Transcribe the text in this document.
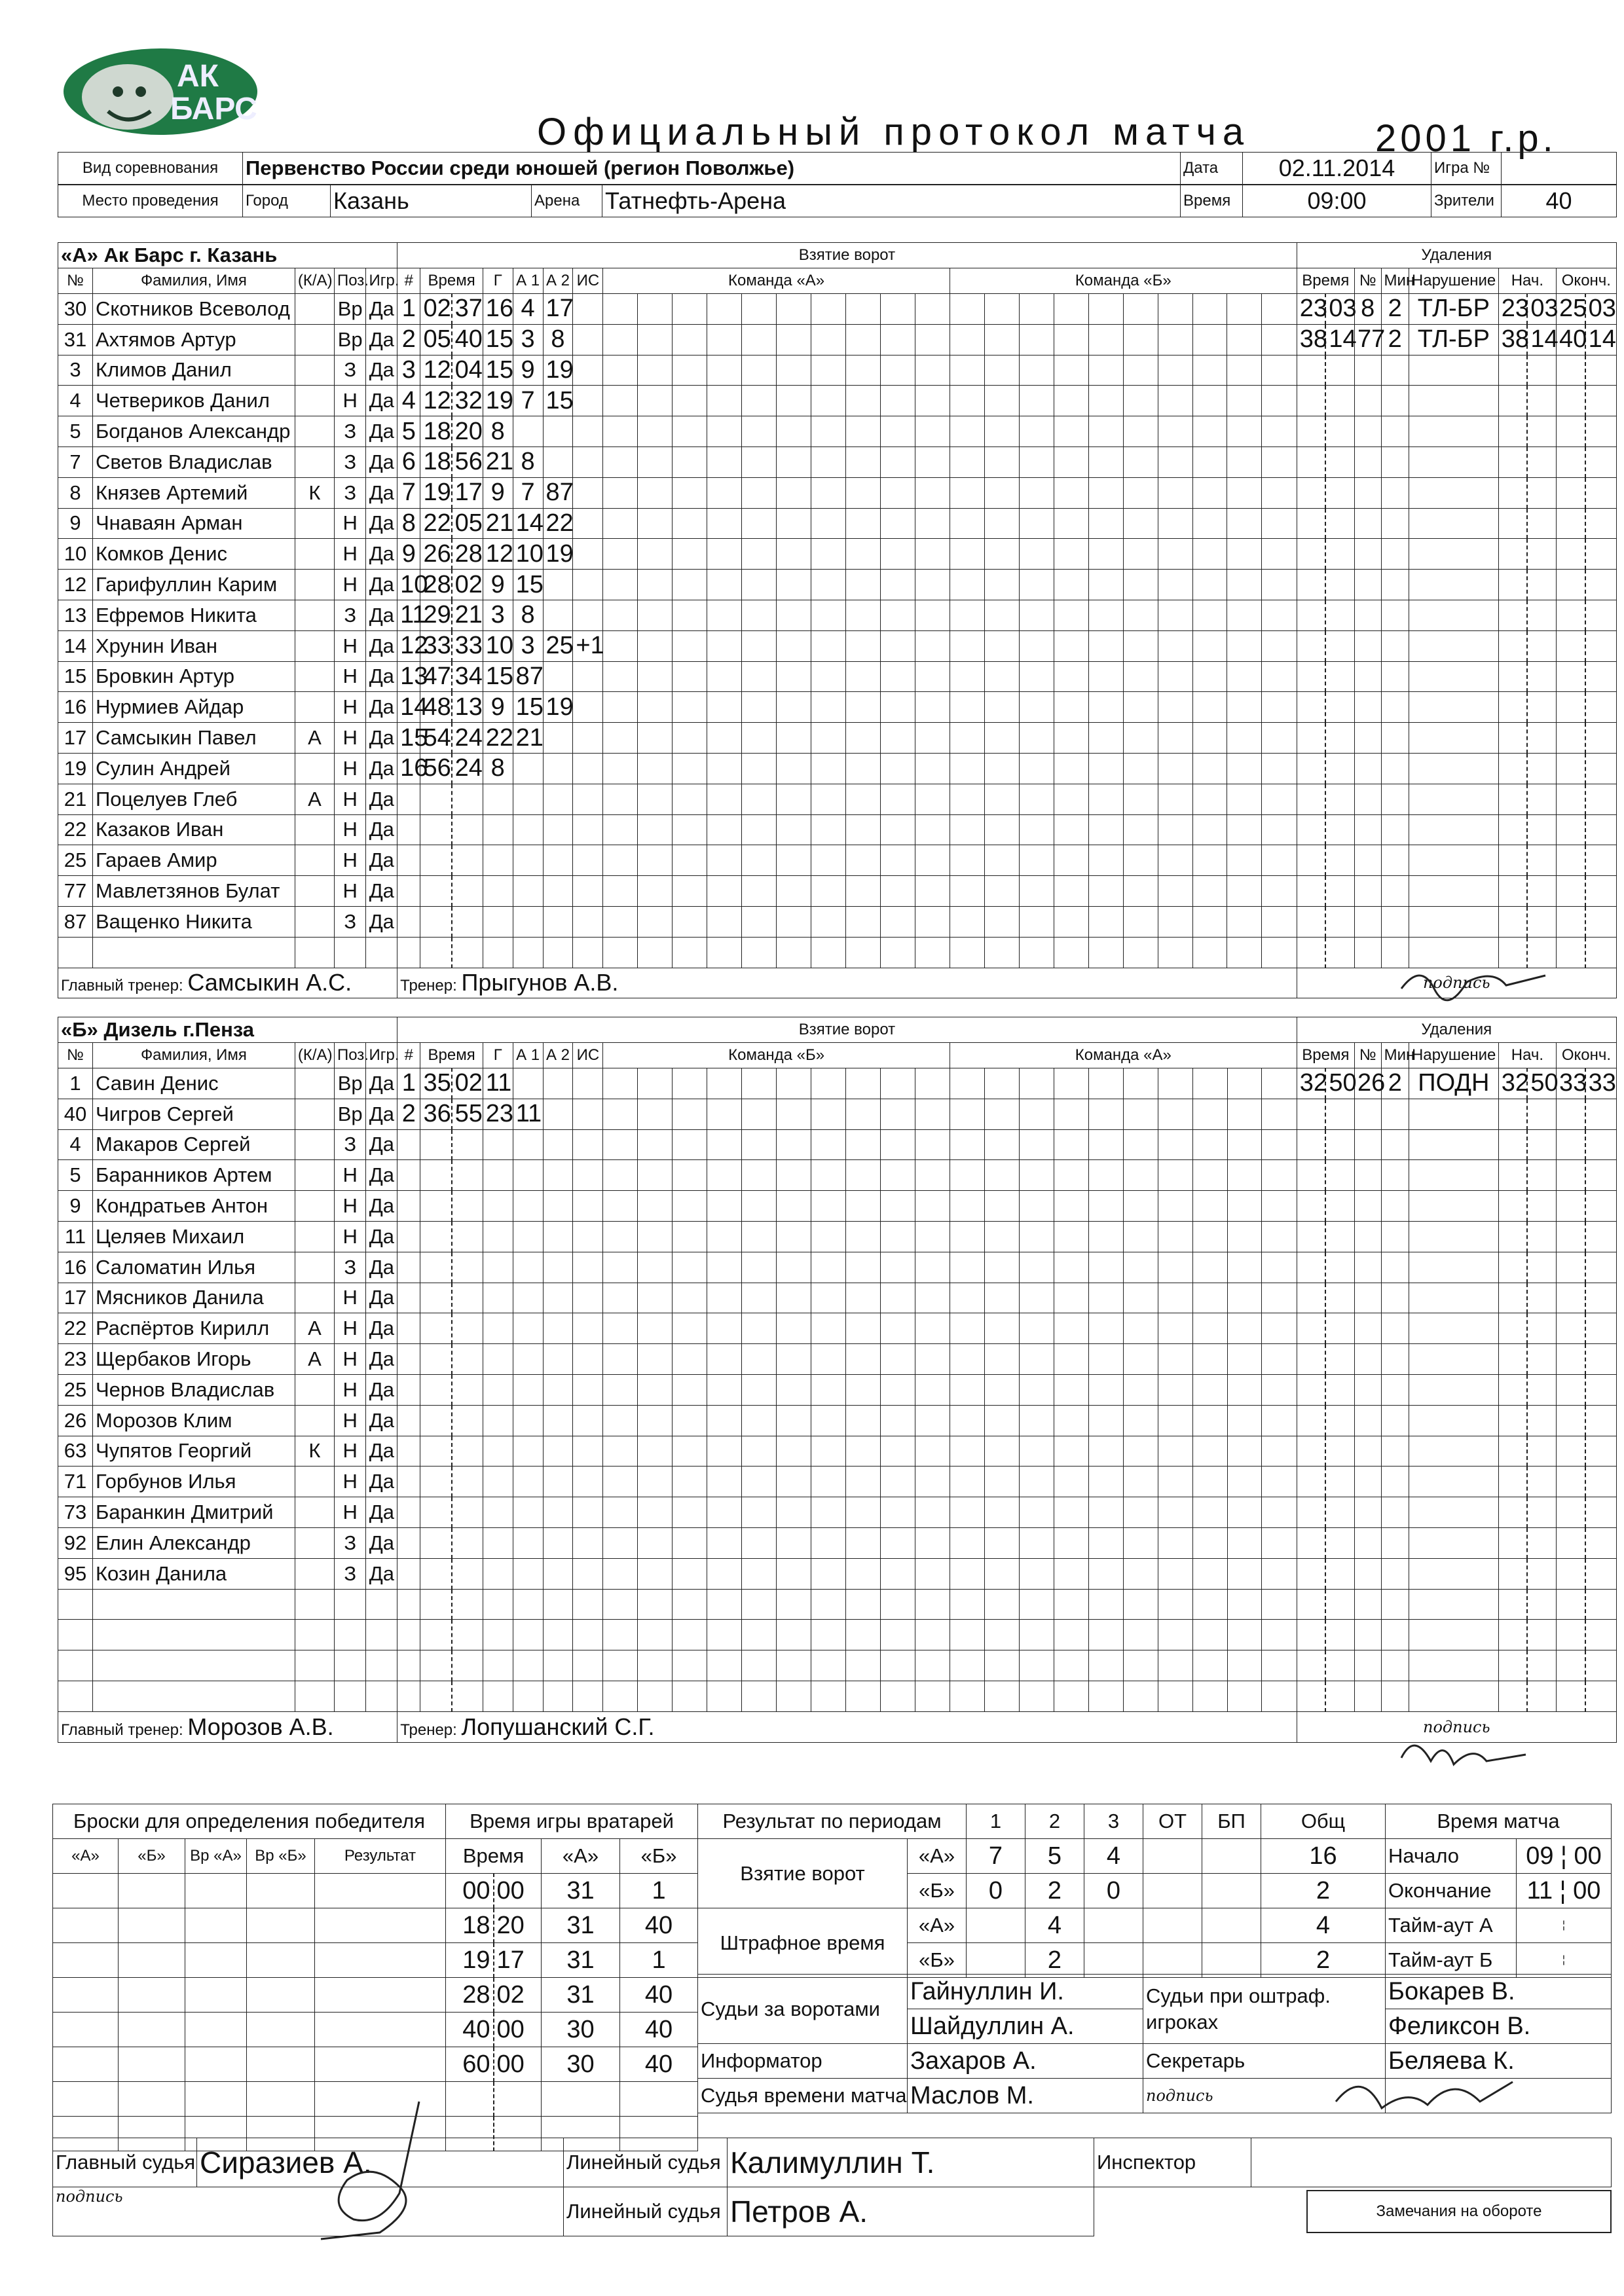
АК
БАРС
Официальный протокол матча	2001 г.р.
Вид соревнования	Первенство России среди юношей (регион Поволжье)	Дата	02.11.2014	Игра №	
Место проведения	Город	Казань	Арена	Татнефть-Арена	Время	09:00	Зрители	40
«А» Ак Барс г. Казань					Взятие ворот																											Удаления								
№	Фамилия, Имя	(К/А)	Поз.	Игр.	#	Время		Г	А 1	А 2	ИС	Команда «А»										Команда «Б»										Время		№	Мин	Нарушение	Нач.		Оконч.	
30	Скотников Всеволод		Вр	Да	1	02	37	16	4	17																						23	03	8	2	ТЛ-БР	23	03	25	03
31	Ахтямов Артур		Вр	Да	2	05	40	15	3	8																						38	14	77	2	ТЛ-БР	38	14	40	14
3	Климов Данил		З	Да	3	12	04	15	9	19																														
4	Четвериков Данил		Н	Да	4	12	32	19	7	15																														
5	Богданов Александр		З	Да	5	18	20	8																																
7	Светов Владислав		З	Да	6	18	56	21	8																															
8	Князев Артемий	К	З	Да	7	19	17	9	7	87																														
9	Чнаваян Арман		Н	Да	8	22	05	21	14	22																														
10	Комков Денис		Н	Да	9	26	28	12	10	19																														
12	Гарифуллин Карим		Н	Да	10	28	02	9	15																															
13	Ефремов Никита		З	Да	11	29	21	3	8																															
14	Хрунин Иван		Н	Да	12	33	33	10	3	25	+1																													
15	Бровкин Артур		Н	Да	13	47	34	15	87																															
16	Нурмиев Айдар		Н	Да	14	48	13	9	15	19																														
17	Самсыкин Павел	А	Н	Да	15	54	24	22	21																															
19	Сулин Андрей		Н	Да	16	56	24	8																																
21	Поцелуев Глеб	А	Н	Да																																				
22	Казаков Иван		Н	Да																																				
25	Гараев Амир		Н	Да																																				
77	Мавлетзянов Булат		Н	Да																																				
87	Ващенко Никита		З	Да																																				

Главный тренер: Самсыкин А.С.					Тренер: Прыгунов А.В.																											подпись								
«Б» Дизель г.Пенза					Взятие ворот																											Удаления								
№	Фамилия, Имя	(К/А)	Поз.	Игр.	#	Время		Г	А 1	А 2	ИС	Команда «Б»										Команда «А»										Время		№	Мин	Нарушение	Нач.		Оконч.	
1	Савин Денис		Вр	Да	1	35	02	11																								32	50	26	2	ПОДН	32	50	33	33
40	Чигров Сергей		Вр	Да	2	36	55	23	11																															
4	Макаров Сергей		З	Да																																				
5	Баранников Артем		Н	Да																																				
9	Кондратьев Антон		Н	Да																																				
11	Целяев Михаил		Н	Да																																				
16	Саломатин Илья		З	Да																																				
17	Мясников Данила		Н	Да																																				
22	Распёртов Кирилл	А	Н	Да																																				
23	Щербаков Игорь	А	Н	Да																																				
25	Чернов Владислав		Н	Да																																				
26	Морозов Клим		Н	Да																																				
63	Чупятов Георгий	К	Н	Да																																				
71	Горбунов Илья		Н	Да																																				
73	Баранкин Дмитрий		Н	Да																																				
92	Елин Александр		З	Да																																				
95	Козин Данила		З	Да																																				

Главный тренер: Морозов А.В.					Тренер: Лопушанский С.Г.																											подпись								
Броски для определения победителя				
«А»	«Б»	Вр «А»	Вр «Б»	Результат

Время игры вратарей			
Время		«А»	«Б»
00	00	31	1
18	20	31	40
19	17	31	1
28	02	31	40
40	00	30	40
60	00	30	40

Результат по периодам		1	2	3	ОТ	БП	Общ
Взятие ворот	«А»	7	5	4			16
	«Б»	0	2	0			2
Штрафное время	«А»		4				4
	«Б»		2				2
Время матча	
Начало	09 ¦ 00
Окончание	11 ¦ 00
Тайм-аут А	¦
Тайм-аут Б	¦
Судьи за воротами	Гайнуллин И.	Судьи при оштраф. игроках	Бокарев В.
	Шайдуллин А.		Феликсон В.
Информатор	Захаров А.	Секретарь	Беляева К.
Судья времени матча	Маслов М.	подпись	
Главный судья	Сиразиев А.	Линейный судья	Калимуллин Т.
подпись		Линейный судья	Петров А.
Инспектор	
Замечания на обороте
